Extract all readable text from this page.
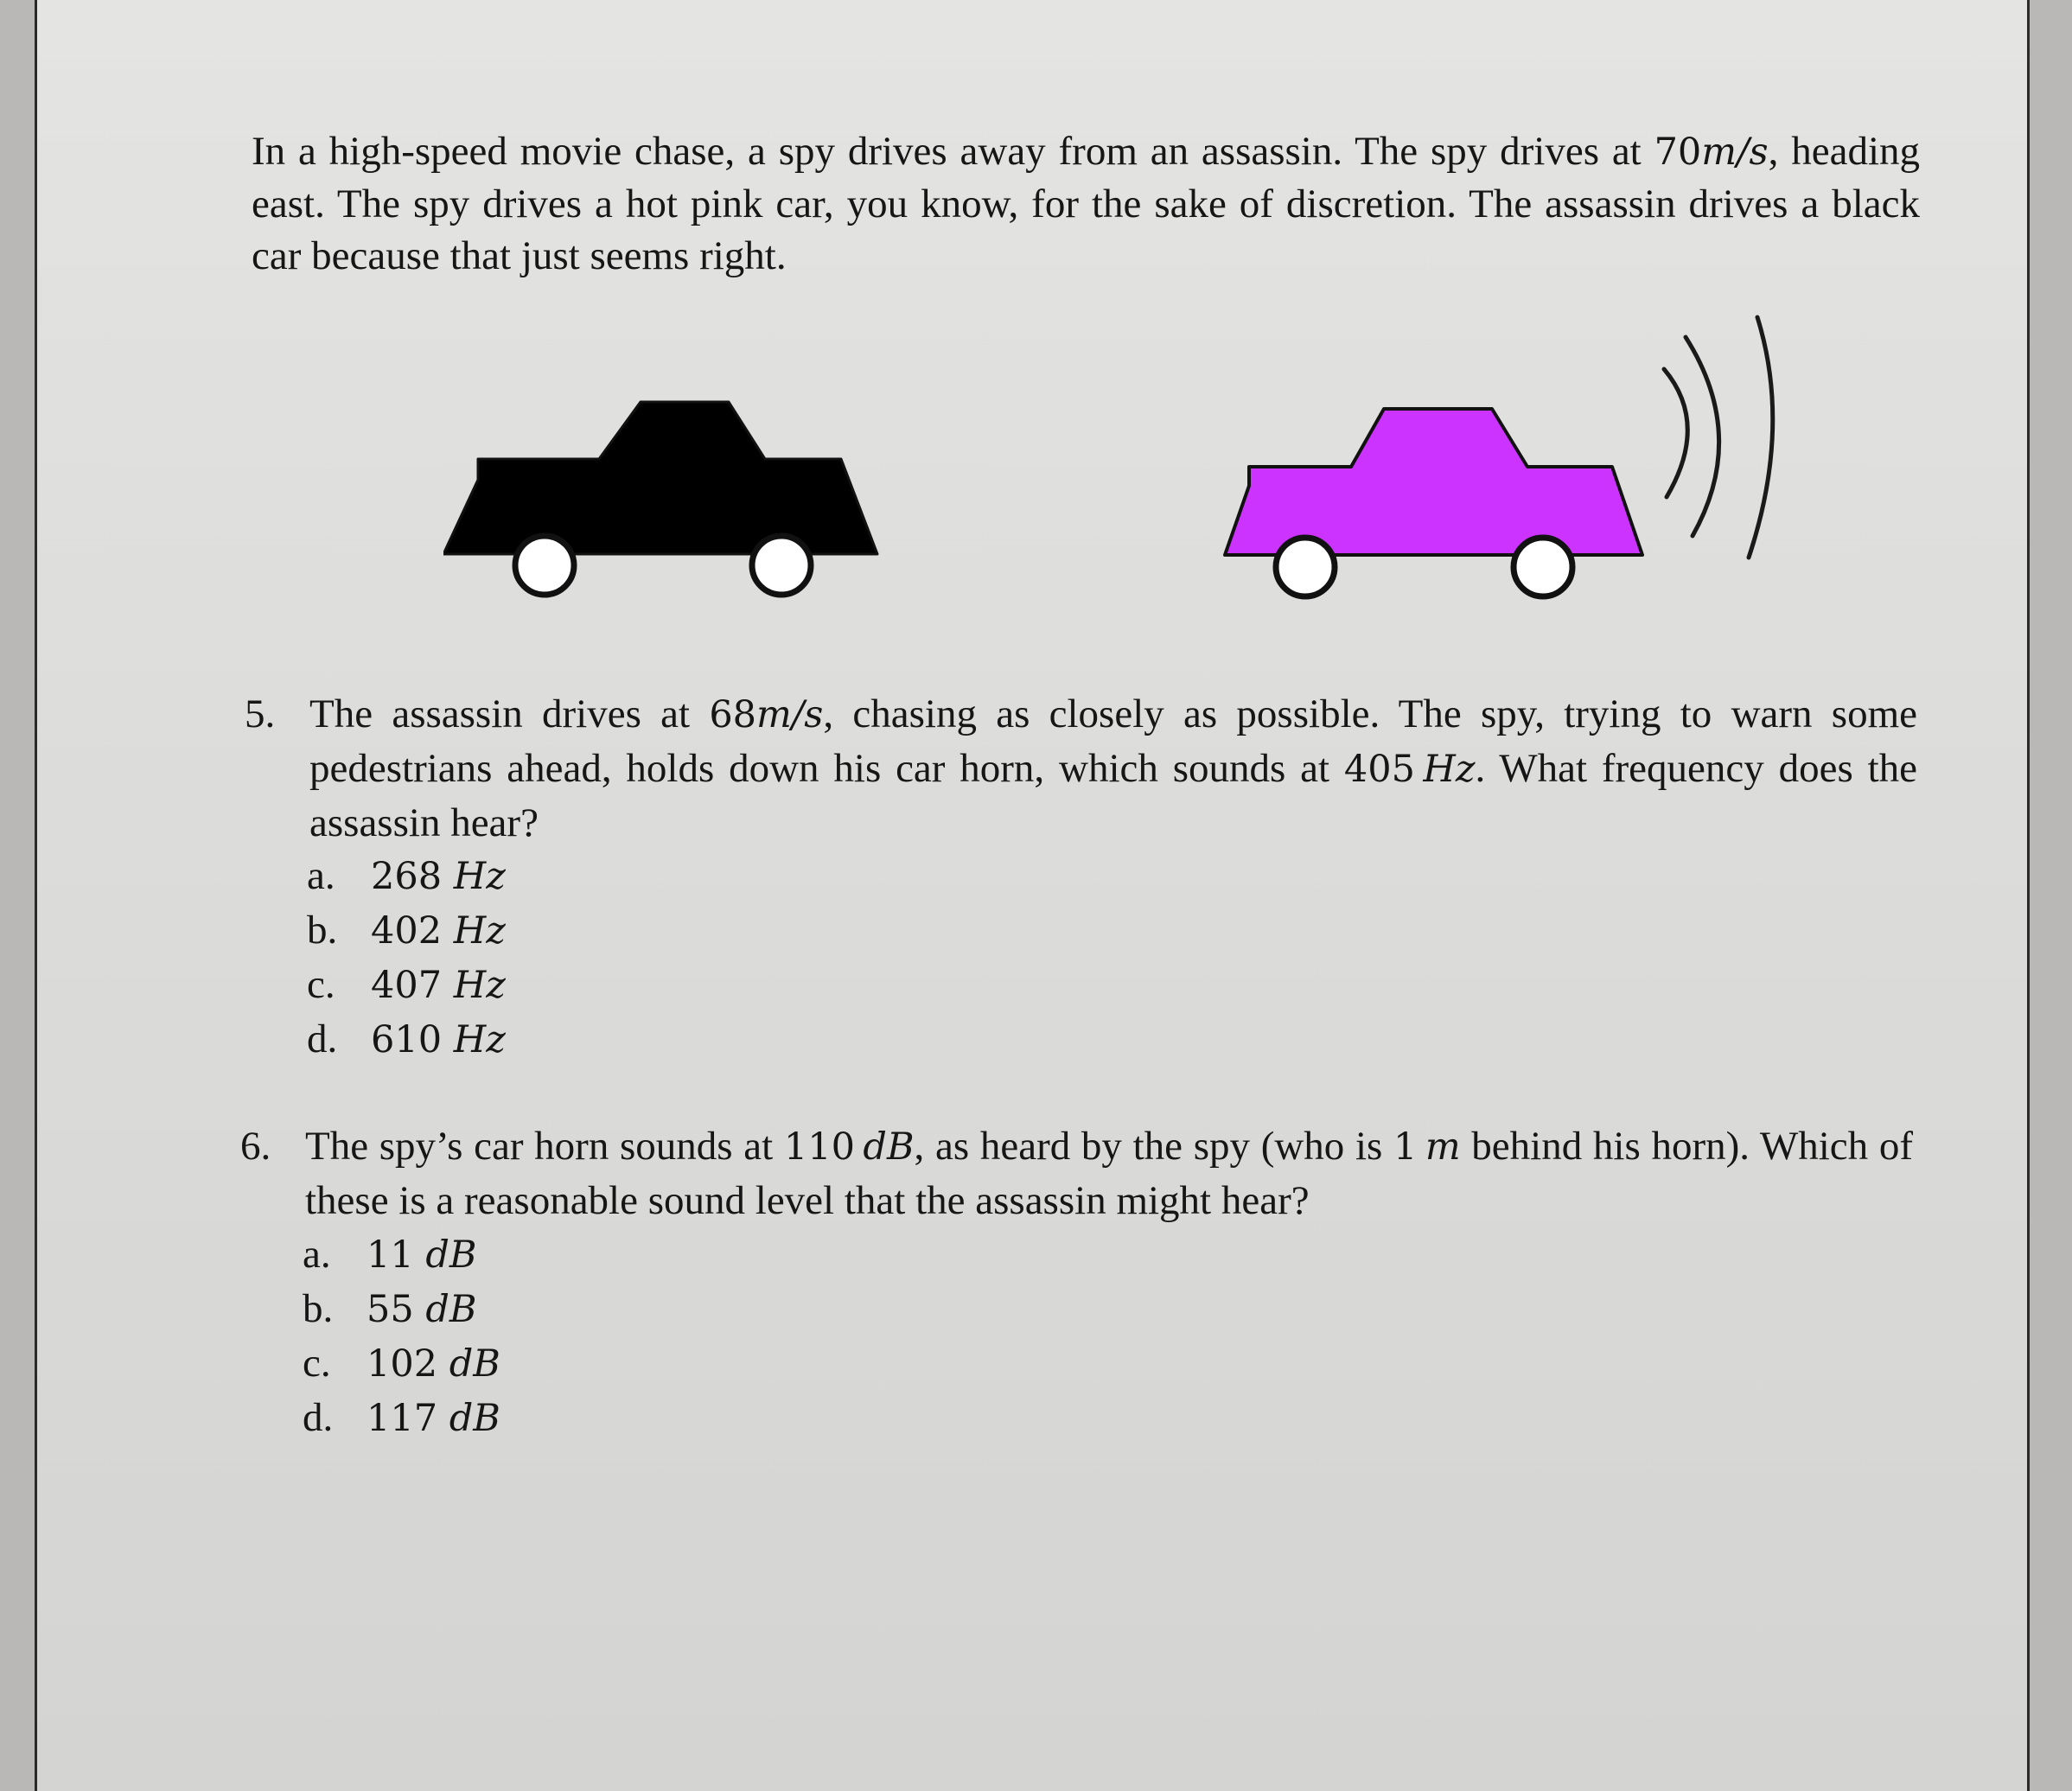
In a high-speed movie chase, a spy drives away from an assassin. The spy drives at 70m/s, heading east. The spy drives a hot pink car, you know, for the sake of discretion. The assassin drives a black car because that just seems right.

5. The assassin drives at 68m/s, chasing as closely as possible. The spy, trying to warn some pedestrians ahead, holds down his car horn, which sounds at 405  Hz. What frequency does the assassin hear?
a. 268 Hz
b. 402 Hz
c. 407 Hz
d. 610 Hz
6. The spy’s car horn sounds at 110  dB, as heard by the spy (who is 1  m behind his horn). Which of these is a reasonable sound level that the assassin might hear?
a. 11 dB
b. 55 dB
c. 102 dB
d. 117 dB
